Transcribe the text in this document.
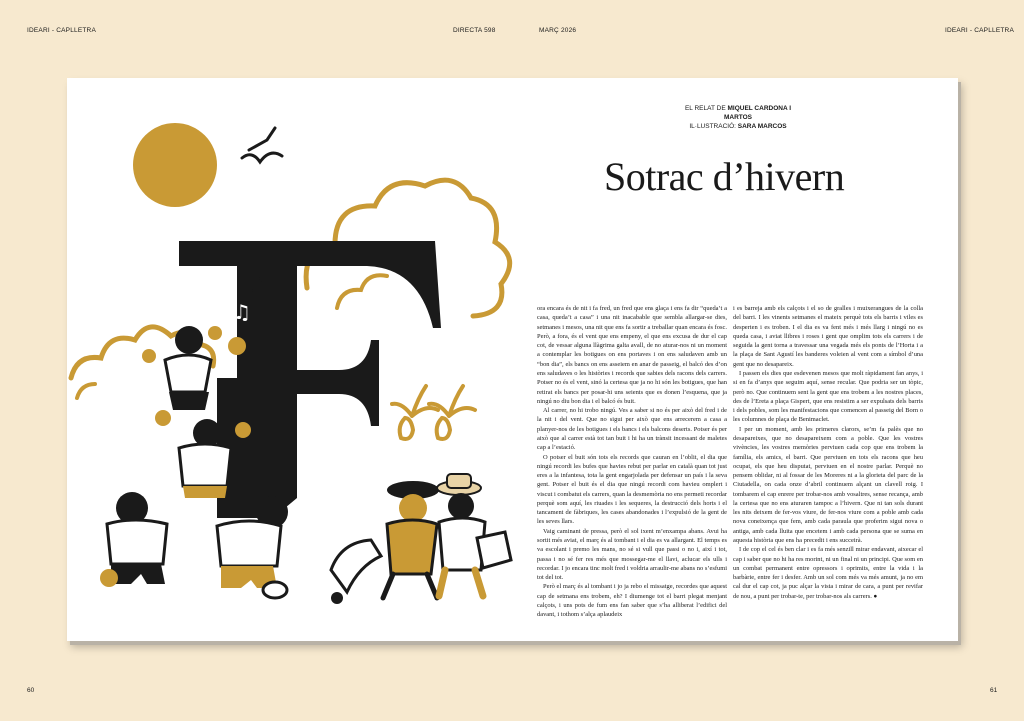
IDEARI - CAPLLETRA	DIRECTA 598	MARÇ 2026	IDEARI - CAPLLETRA
♪
♫
EL RELAT DE MIQUEL CARDONA I MARTOS
IL·LUSTRACIÓ: SARA MARCOS
Sotrac d’hivern

ora encara és de nit i fa fred, un fred que ens glaça i ens fa dir “queda’t a casa, queda’t a casa” i una nit inacabable que sembla allargar-se dies, setmanes i mesos, una nit que ens fa sortir a treballar quan encara és fosc. Però, a fora, és el vent que ens empeny, el que ens excusa de dur el cap cot, de vessar alguna llàgrima galta avall, de no aturar-nos ni un moment a contemplar les botigues on ens portaves i on ens saludaven amb un “bon dia”, els bancs on ens asseiem en anar de passeig, el balcó des d’on ens saludaves o les històries i records que sabies dels racons dels carrers. Potser no és el vent, sinó la certesa que ja no hi són les botigues, que han retirat els bancs per posar-hi uns seients que es donen l’esquena, que ja ningú no diu bon dia i el balcó és buit.

Al carrer, no hi trobo ningú. Ves a saber si no és per això del fred i de la nit i del vent. Que no sigui per això que ens arrecerem a casa a planyer-nos de les botigues i els bancs i els balcons deserts. Potser és per això que al carrer està tot tan buit i hi ha un trànsit incessant de maletes cap a l’estació.

O potser el buit són tots els records que cauran en l’oblit, el dia que ningú recordi les bufes que havies rebut per parlar en català quan tot just eres a la infantesa, tota la gent engarjolada per defensar un país i la seva gent. Potser el buit és el dia que ningú recordi com havieu omplert i viscut i combatut els carrers, quan la desmemòria no ens permeti recordar perquè som aquí, les riuades i les sequeres, la destrucció dels horts i el tancament de fàbriques, les cases abandonades i l’expulsió de la gent de les seves llars.

Vaig caminant de pressa, però el sol ixent m’enxampa abans. Avui ha sortit més aviat, el març és al tombant i el dia es va allargant. El temps es va escolant i premo les mans, no sé si vull que passi o no i, així i tot, passa i no sé fer res més que mossegar-me el llavi, aclucar els ulls i recordar. I jo encara tinc molt fred i voldria arraulir-me abans no s’esfumi tot del tot.

Però el març és al tombant i jo ja rebo el missatge, recordes que aquest cap de setmana ens trobem, eh? I diumenge tot el barri plegat menjant calçots, i uns pots de fum ens fan saber que s’ha alliberat l’edifici del davant, i tothom s’alça aplaudeix

i es barreja amb els calçots i el so de gralles i muixerangues de la colla del barri. I les vinents setmanes el mateix perquè tots els barris i viles es desperten i es troben. I el dia es va fent més i més llarg i ningú no es queda casa, i aviat llibres i roses i gent que omplim tots els carrers i de seguida la gent torna a travessar una vegada més els ponts de l’Horta i a la plaça de Sant Agustí les banderes voleien al vent com a símbol d’una gent que no desapareix.

I passen els dies que esdevenen mesos que molt ràpidament fan anys, i si en fa d’anys que seguim aquí, sense recular. Que podria ser un tòpic, però no. Que continuem sent la gent que ens trobem a les nostres places, des de l’Ereta a plaça Gispert, que ens resistim a ser expulsats dels barris i dels pobles, som les manifestacions que comencen al passeig del Born o les columnes de plaça de Benimaclet.

I per un moment, amb les primeres clarors, se’m fa palès que no desapareixes, que no desapareixem com a poble. Que les vostres vivències, les vostres memòries perviuen cada cop que ens trobem la família, els amics, el barri. Que perviuen en tots els racons que heu ocupat, els que heu disputat, perviuen en el nostre parlar. Perquè no pensem oblidar, ni al fossar de les Moreres ni a la glorieta del parc de la Ciutadella, on cada onze d’abril continuem alçant un clavell roig. I tombarem el cap enrere per trobar-nos amb vosaltres, sense recança, amb la certesa que no ens aturaren tampoc a l’hivern. Que ni tan sols durant les nits deixem de fer-vos viure, de fer-nos viure com a poble amb cada nova coneixença que fem, amb cada paraula que proferim sigui nova o antiga, amb cada lluita que encetem i amb cada persona que se suma en aquesta història que ens ha precedit i ens succeirà.

I de cop el cel és ben clar i es fa més senzill mirar endavant, aixecar el cap i saber que no hi ha res morint, ni un final ni un principi. Que som en un combat permanent entre opressors i oprimits, entre la vida i la barbàrie, entre fer i desfer. Amb un sol com més va més amunt, ja no em cal dur el cap cot, ja puc alçar la vista i mirar de cara, a punt per revifar de nou, a punt per trobar-te, per trobar-nos als carrers. ●

60	61
